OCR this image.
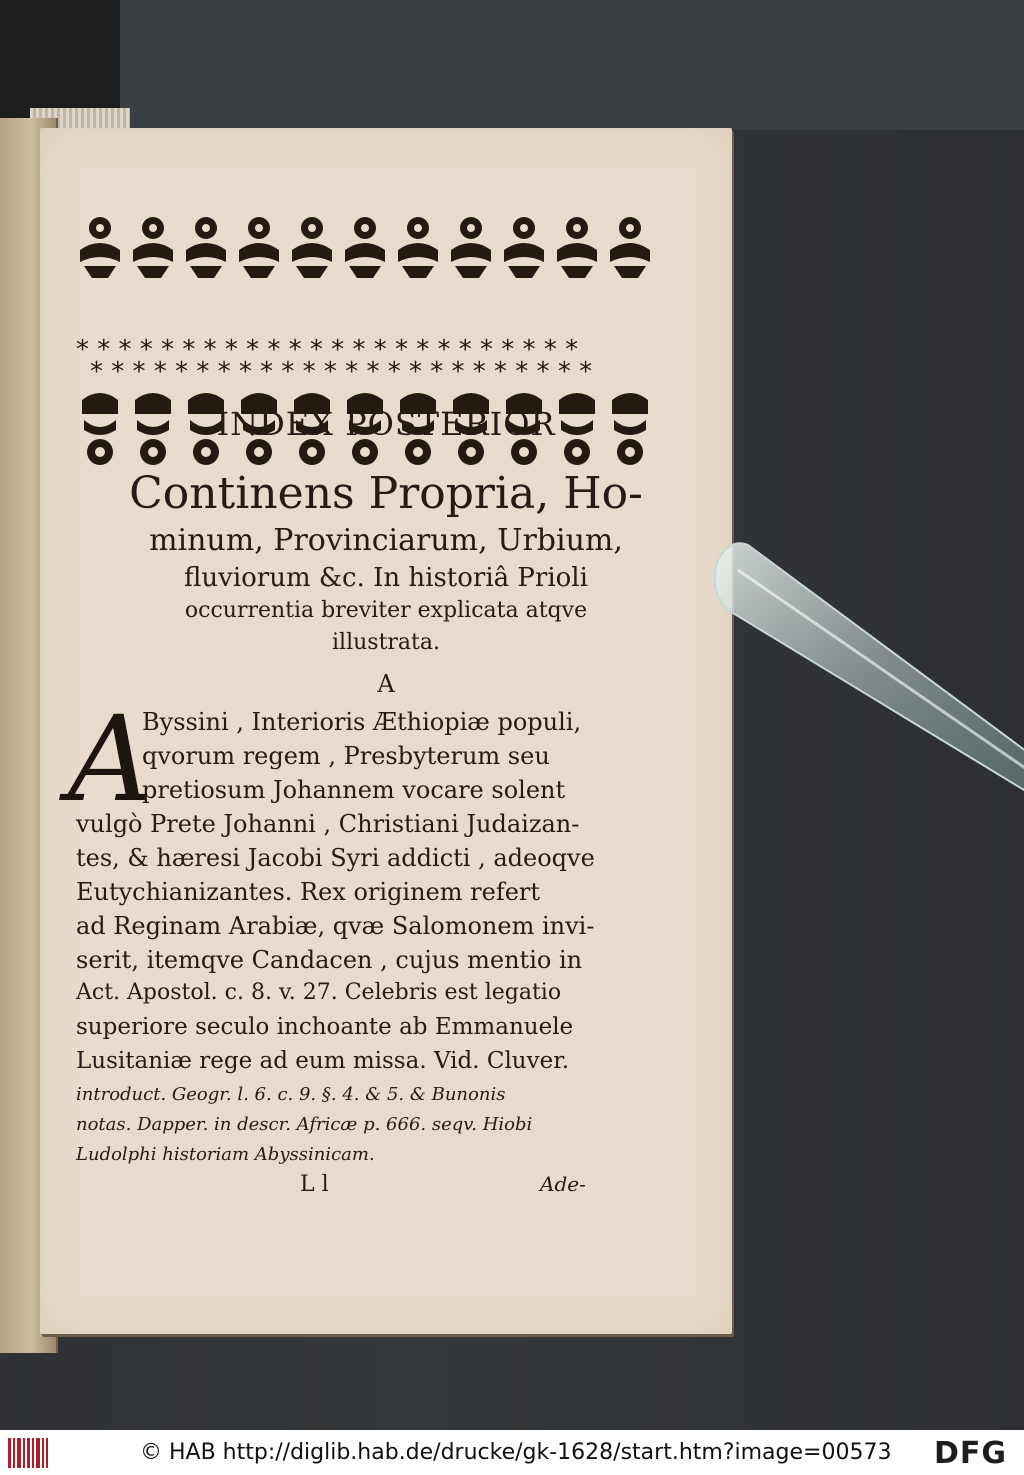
* * * * * * * * * * * * * * * * * * * * * * * *
* * * * * * * * * * * * * * * * * * * * * * * *
INDEX POSTERIOR
Continens Propria, Ho-
minum, Provinciarum, Urbium,
fluviorum &c. In historiâ Prioli
occurrentia breviter explicata atqve
illustrata.
A
A
Byssini , Interioris Æthiopiæ populi,
qvorum regem , Presbyterum seu
pretiosum Johannem vocare solent
vulgò Prete Johanni , Christiani Judaizan-
tes, & hæresi Jacobi Syri addicti , adeoqve
Eutychianizantes. Rex originem refert
ad Reginam Arabiæ, qvæ Salomonem invi-
serit, itemqve Candacen , cujus mentio in
Act. Apostol. c. 8. v. 27. Celebris est legatio
superiore seculo inchoante ab Emmanuele
Lusitaniæ rege ad eum missa. Vid. Cluver.
introduct. Geogr. l. 6. c. 9. §. 4. & 5. & Bunonis
notas. Dapper. in descr. Africæ p. 666. seqv. Hiobi
Ludolphi historiam Abyssinicam.
L l	Ade-
© HAB http://diglib.hab.de/drucke/gk-1628/start.htm?image=00573 DFG
